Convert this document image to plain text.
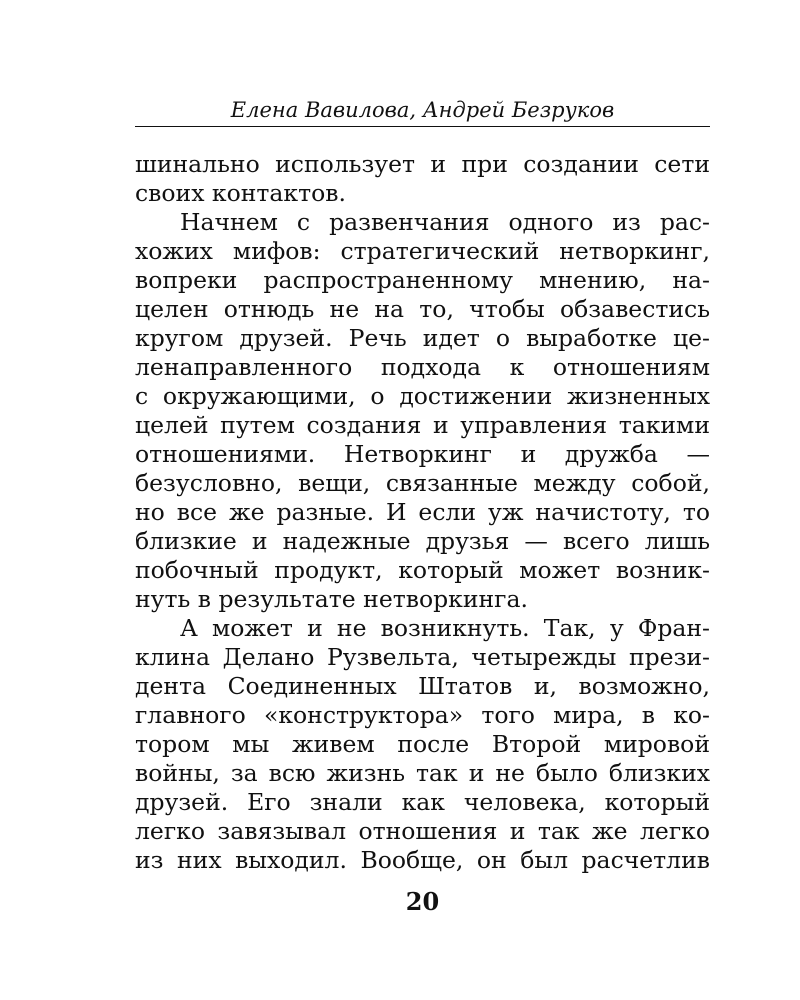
Елена Вавилова, Андрей Безруков
шинально использует и при создании сети
своих контактов.
Начнем с развенчания одного из рас-
хожих мифов: стратегический нетворкинг,
вопреки распространенному мнению, на-
целен отнюдь не на то, чтобы обзавестись
кругом друзей. Речь идет о выработке це-
ленаправленного подхода к отношениям
с окружающими, о достижении жизненных
целей путем создания и управления такими
отношениями. Нетворкинг и дружба —
безусловно, вещи, связанные между собой,
но все же разные. И если уж начистоту, то
близкие и надежные друзья — всего лишь
побочный продукт, который может возник-
нуть в результате нетворкинга.
А может и не возникнуть. Так, у Фран-
клина Делано Рузвельта, четырежды прези-
дента Соединенных Штатов и, возможно,
главного «конструктора» того мира, в ко-
тором мы живем после Второй мировой
войны, за всю жизнь так и не было близких
друзей. Его знали как человека, который
легко завязывал отношения и так же легко
из них выходил. Вообще, он был расчетлив
20
